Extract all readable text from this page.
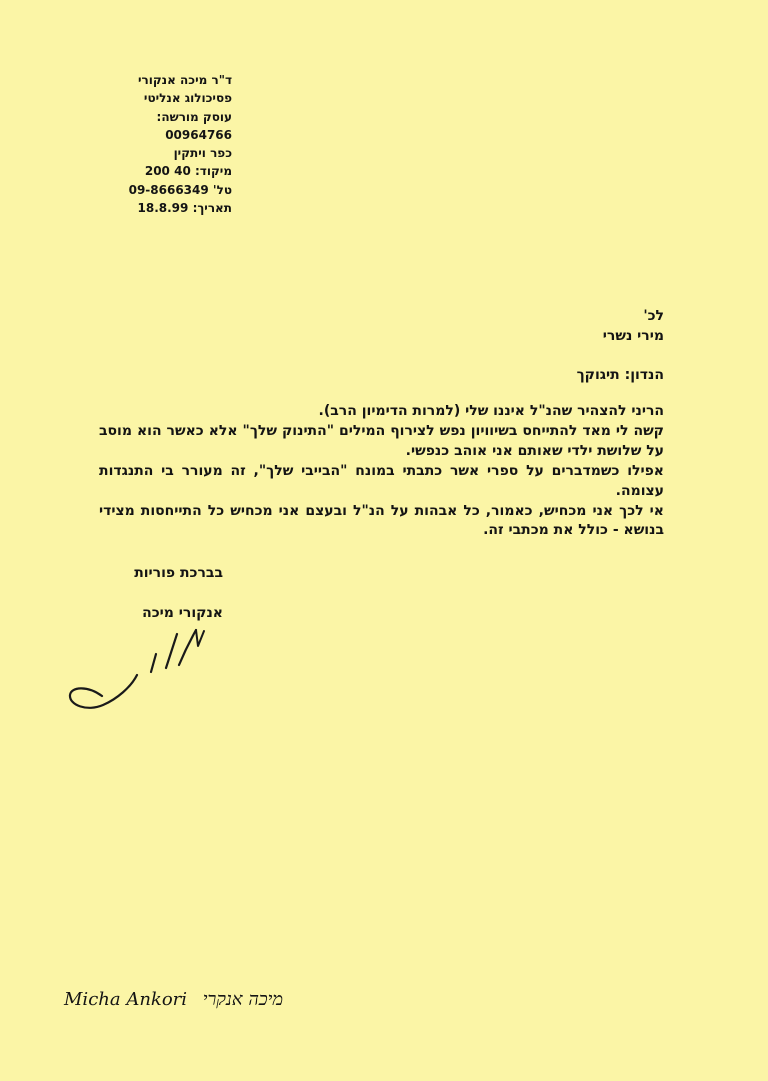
ד"ר מיכה אנקורי
פסיכולוג אנליטי
עוסק מורשה:
00964766
כפר ויתקין
מיקוד: 40 200
טל' 09-8666349
תאריך: 18.8.99
לכ'
מירי נשרי
הנדון: תיגוקך

הריני להצהיר שהנ"ל איננו שלי (למרות הדימיון הרב).

קשה לי מאד להתייחס בשיוויון נפש לצירוף המילים "התינוק שלך" אלא כאשר הוא מוסב על שלושת ילדי שאותם אני אוהב כנפשי.

אפילו כשמדברים על ספרי אשר כתבתי במונח "הבייבי שלך", זה מעורר בי התנגדות עצומה.

אי לכך אני מכחיש, כאמור, כל אבהות על הנ"ל ובעצם אני מכחיש כל התייחסות מצידי בנושא - כולל את מכתבי זה.

בברכת פוריות
אנקורי מיכה
Micha Ankori מיכה אנקרי
